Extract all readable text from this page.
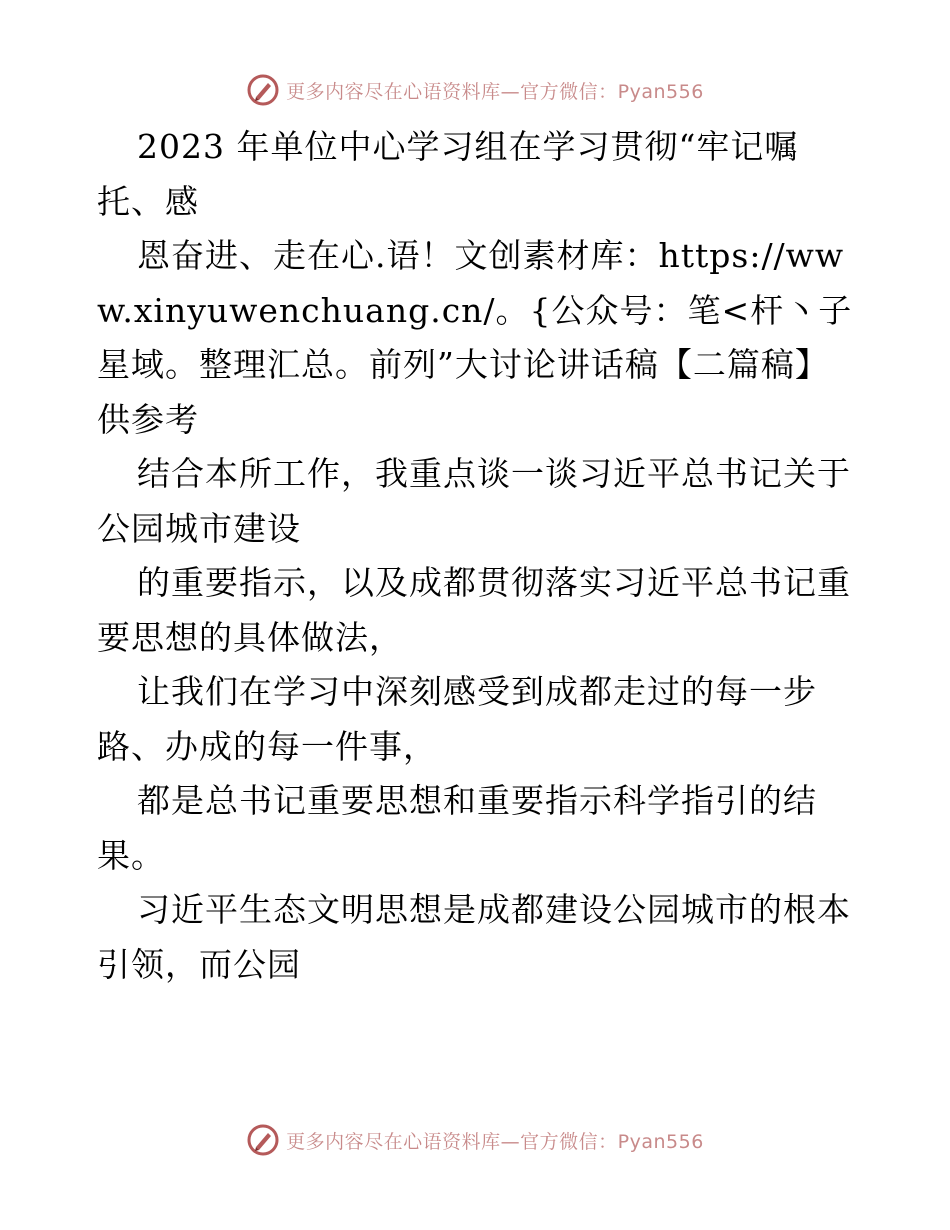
更多内容尽在心语资料库—官方微信：Pyan556

2023 年单位中心学习组在学习贯彻“牢记嘱托、感

恩奋进、走在心.语！文创素材库：https://www.xinyuwenchuang.cn/。{公众号：笔<杆丶子星域。整理汇总。前列”大讨论讲话稿【二篇稿】供参考

结合本所工作，我重点谈一谈习近平总书记关于公园城市建设

的重要指示，以及成都贯彻落实习近平总书记重要思想的具体做法，

让我们在学习中深刻感受到成都走过的每一步路、办成的每一件事，

都是总书记重要思想和重要指示科学指引的结果。

习近平生态文明思想是成都建设公园城市的根本引领，而公园

更多内容尽在心语资料库—官方微信：Pyan556
